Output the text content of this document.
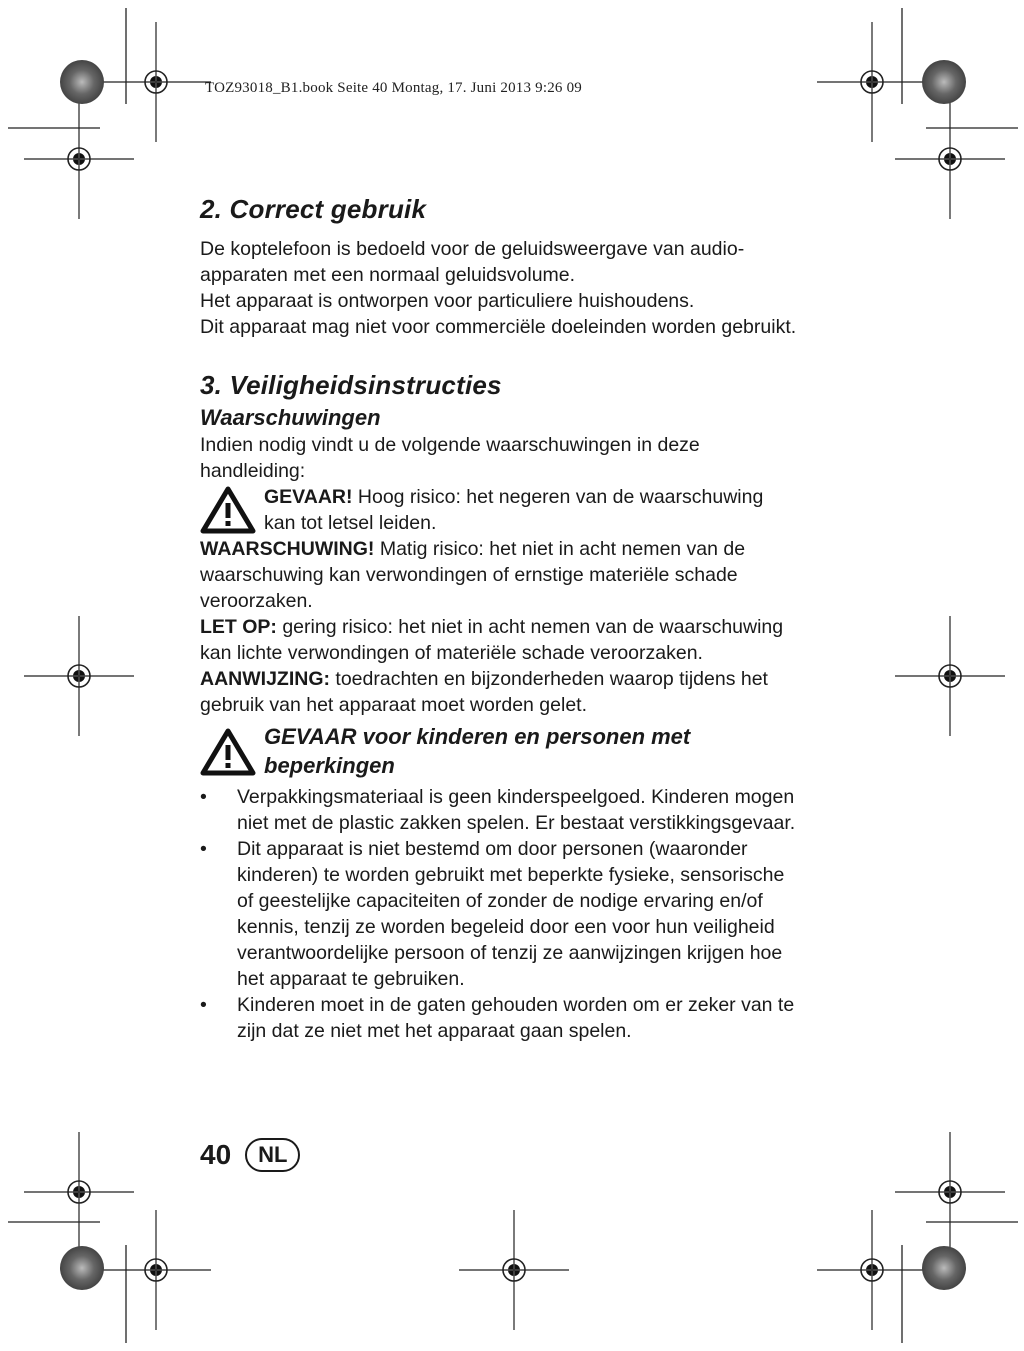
TOZ93018_B1.book Seite 40 Montag, 17. Juni 2013 9:26 09
2. Correct gebruik

De koptelefoon is bedoeld voor de geluidsweergave van audio-apparaten met een normaal geluidsvolume.

Het apparaat is ontworpen voor particuliere huishoudens.

Dit apparaat mag niet voor commerciële doeleinden worden gebruikt.

3. Veiligheidsinstructies
Waarschuwingen

Indien nodig vindt u de volgende waarschuwingen in deze handleiding:

GEVAAR! Hoog risico: het negeren van de waarschuwing kan tot letsel leiden.

WAARSCHUWING! Matig risico: het niet in acht nemen van de waarschuwing kan verwondingen of ernstige materiële schade veroorzaken.

LET OP: gering risico: het niet in acht nemen van de waarschuwing kan lichte verwondingen of materiële schade veroorzaken.

AANWIJZING: toedrachten en bijzonderheden waarop tijdens het gebruik van het apparaat moet worden gelet.

GEVAAR voor kinderen en personen met beperkingen
• Verpakkingsmateriaal is geen kinderspeelgoed. Kinderen mogen niet met de plastic zakken spelen. Er bestaat verstikkingsgevaar.
• Dit apparaat is niet bestemd om door personen (waaronder kinderen) te worden gebruikt met beperkte fysieke, sensorische of geestelijke capaciteiten of zonder de nodige ervaring en/of kennis, tenzij ze worden begeleid door een voor hun veiligheid verantwoordelijke persoon of tenzij ze aanwijzingen krijgen hoe het apparaat te gebruiken.
• Kinderen moet in de gaten gehouden worden om er zeker van te zijn dat ze niet met het apparaat gaan spelen.
40	NL
